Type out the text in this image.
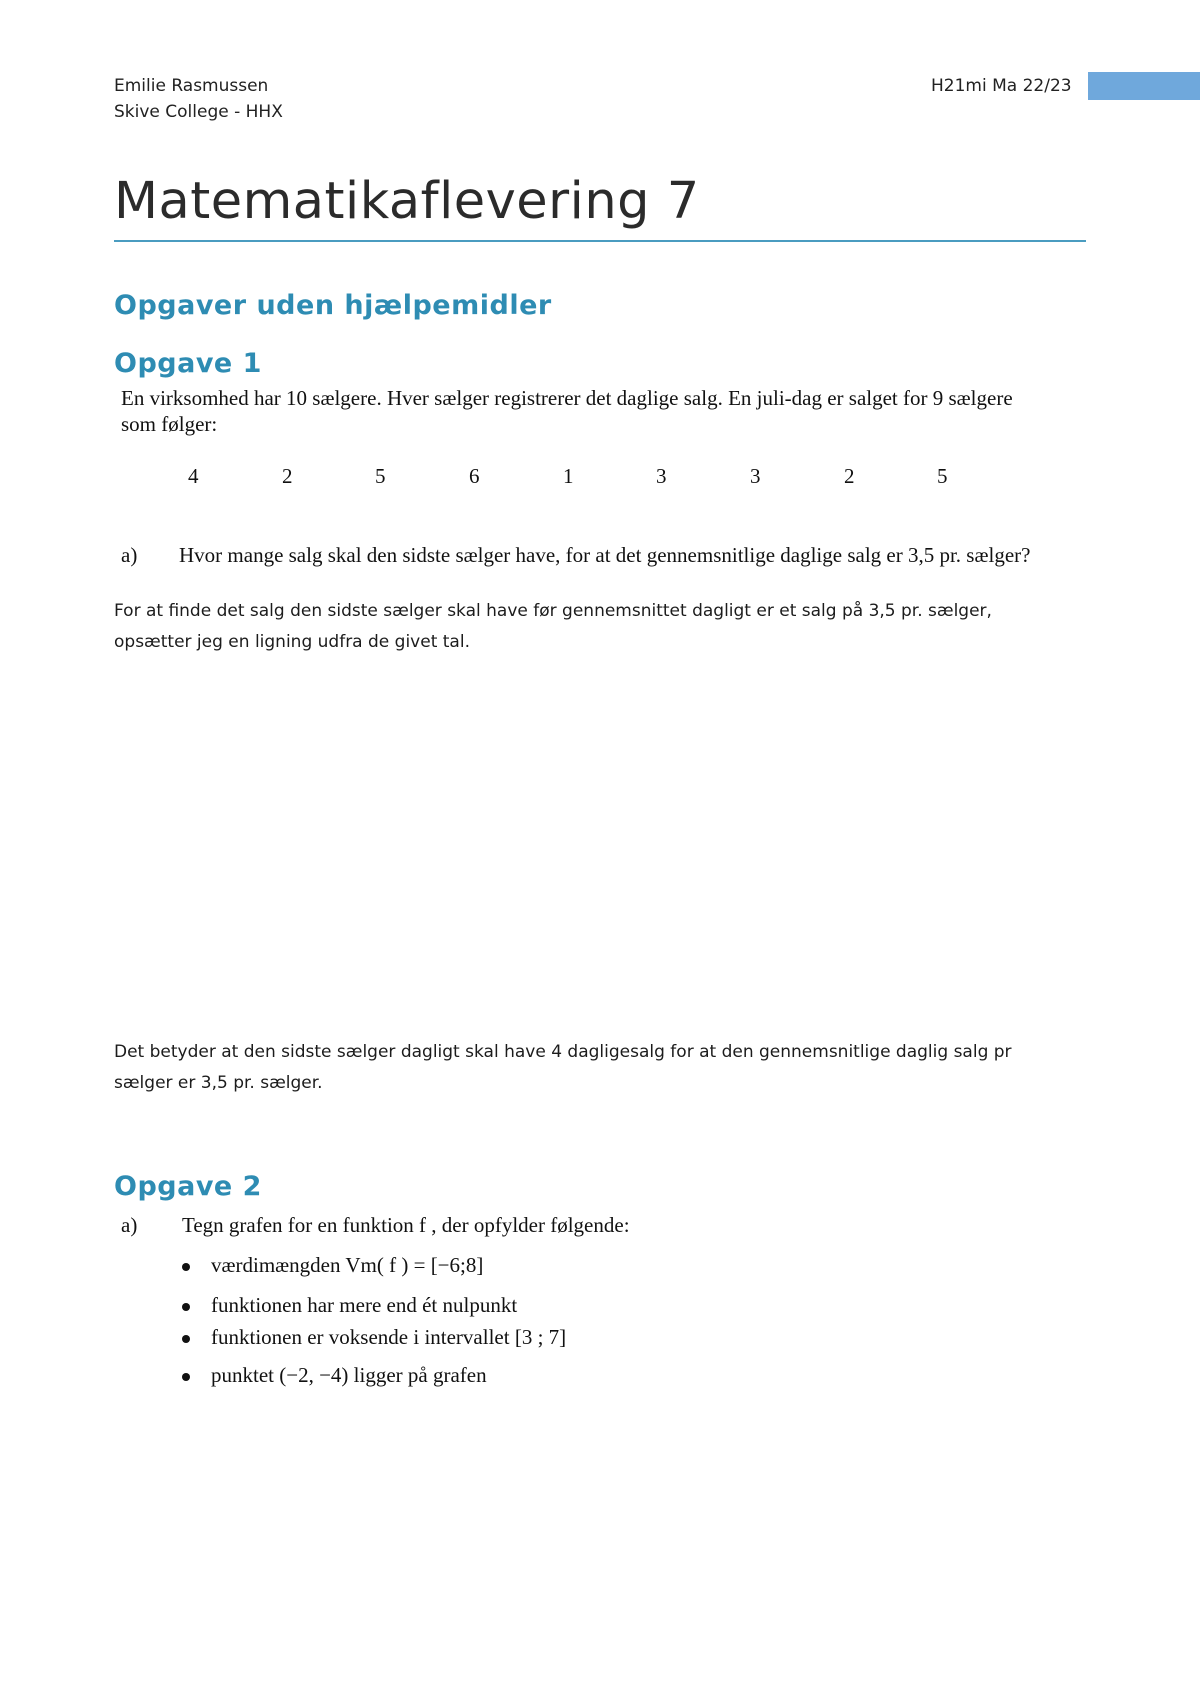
Emilie Rasmussen
Skive College - HHX
H21mi Ma 22/23
Matematikaflevering 7
Opgaver uden hjælpemidler
Opgave 1
En virksomhed har 10 sælgere. Hver sælger registrerer det daglige salg. En juli-dag er salget for 9 sælgere
som følger:
4	2	5	6	1	3	3	2	5
a) Hvor mange salg skal den sidste sælger have, for at det gennemsnitlige daglige salg er 3,5 pr. sælger?
For at finde det salg den sidste sælger skal have før gennemsnittet dagligt er et salg på 3,5 pr. sælger,
opsætter jeg en ligning udfra de givet tal.
Det betyder at den sidste sælger dagligt skal have 4 dagligesalg for at den gennemsnitlige daglig salg pr
sælger er 3,5 pr. sælger.
Opgave 2
a) Tegn grafen for en funktion f , der opfylder følgende:
værdimængden Vm( f ) = [−6;8]
funktionen har mere end ét nulpunkt
funktionen er voksende i intervallet [3 ; 7]
punktet (−2, −4) ligger på grafen
